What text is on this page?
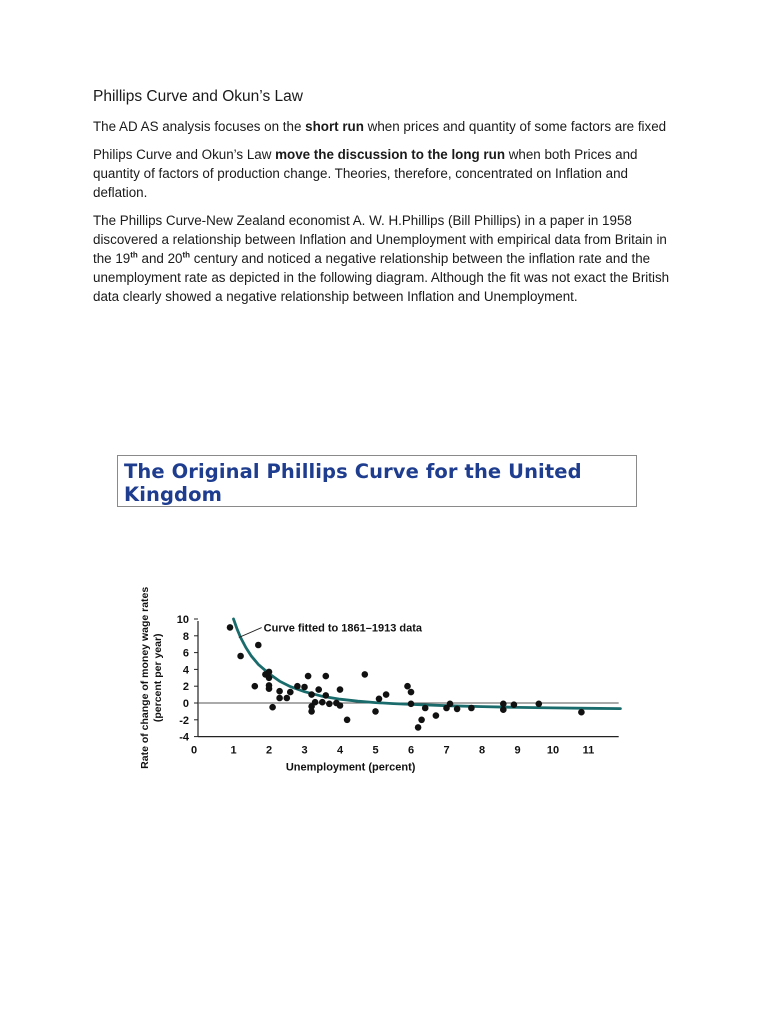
Phillips Curve and Okun’s Law

The AD AS analysis focuses on the short run when prices and quantity of some factors are fixed

Philips Curve and Okun’s Law move the discussion to the long run when both Prices and quantity of factors of production change. Theories, therefore, concentrated on Inflation and deflation.

The Phillips Curve-New Zealand economist A. W. H.Phillips (Bill Phillips) in a paper in 1958 discovered a relationship between Inflation and Unemployment with empirical data from Britain in the 19th and 20th century and noticed a negative relationship between the inflation rate and the unemployment rate as depicted in the following diagram. Although the fit was not exact the British data clearly showed a negative relationship between Inflation and Unemployment.

The Original Phillips Curve for the United Kingdom
10
8
6
4
2
0
-2
-4
0	1	2	3	4	5	6	7	8	9 10 11
Unemployment (percent)
Rate of change of money wage rates(percent per year)
Curve fitted to 1861–1913 data
